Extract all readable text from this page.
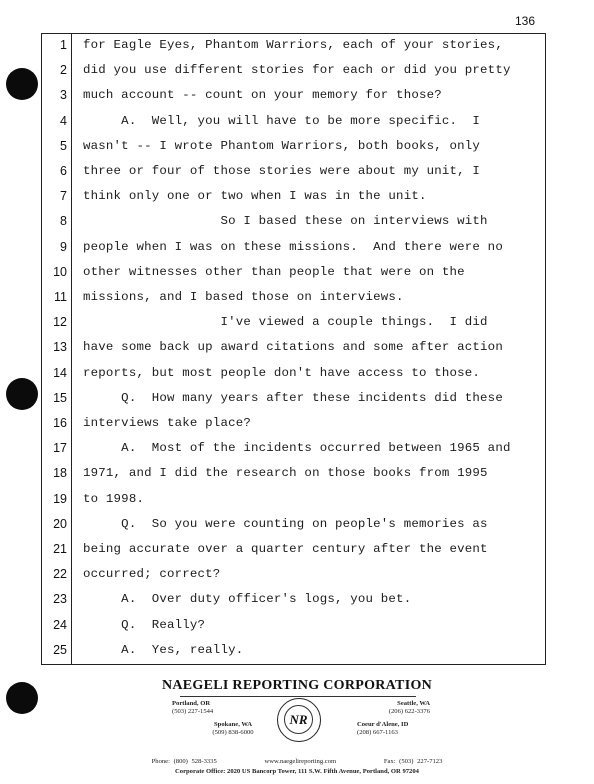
136
1 for Eagle Eyes, Phantom Warriors, each of your stories,
2 did you use different stories for each or did you pretty
3 much account -- count on your memory for those?
4 A.  Well, you will have to be more specific.  I
5 wasn't -- I wrote Phantom Warriors, both books, only
6 three or four of those stories were about my unit, I
7 think only one or two when I was in the unit.
8 So I based these on interviews with
9 people when I was on these missions.  And there were no
10 other witnesses other than people that were on the
11 missions, and I based those on interviews.
12 I've viewed a couple things.  I did
13 have some back up award citations and some after action
14 reports, but most people don't have access to those.
15 Q.  How many years after these incidents did these
16 interviews take place?
17 A.  Most of the incidents occurred between 1965 and
18 1971, and I did the research on those books from 1995
19 to 1998.
20 Q.  So you were counting on people's memories as
21 being accurate over a quarter century after the event
22 occurred; correct?
23 A.  Over duty officer's logs, you bet.
24 Q.  Really?
25 A.  Yes, really.
NAEGELI REPORTING CORPORATION
Portland, OR
(503) 227-1544
Seattle, WA
(206) 622-3376
Spokane, WA
(509) 838-6000
Coeur d'Alene, ID
(208) 667-1163
NR
Phone: (800) 528-3335	www.naegelireporting.com	Fax: (503) 227-7123
Corporate Office: 2020 US Bancorp Tower, 111 S.W. Fifth Avenue, Portland, OR 97204
